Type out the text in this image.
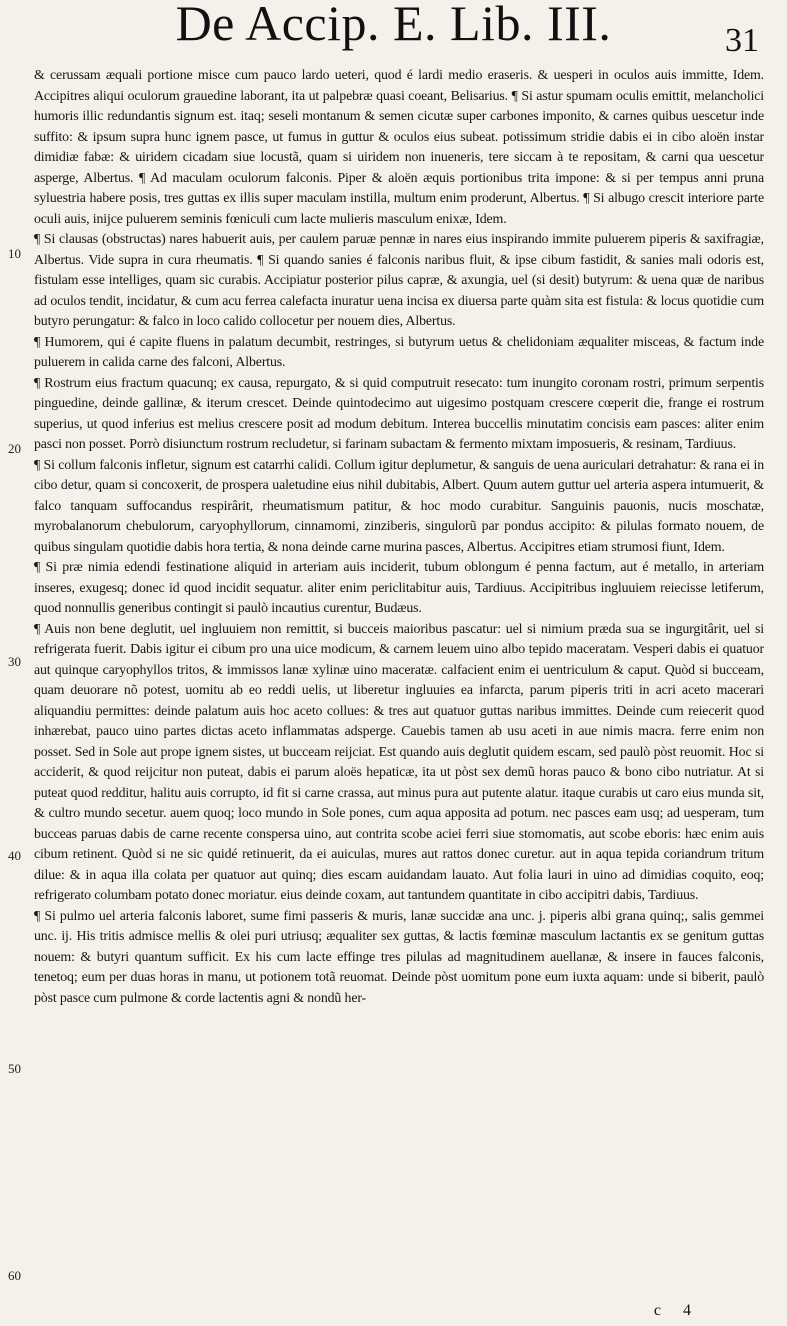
De Accip. E. Lib. III.	31
10
20
30
40
50
60

& cerussam æquali portione misce cum pauco lardo ueteri, quod é lardi medio eraseris. & uesperi in oculos auis immitte, Idem. Accipitres aliqui oculorum grauedine laborant, ita ut palpebræ quasi coeant, Belisarius. ¶ Si astur spumam oculis emittit, melancholici humoris illic redundantis signum est. itaq; seseli montanum & semen cicutæ super carbones imponito, & carnes quibus uescetur inde suffito: & ipsum supra hunc ignem pasce, ut fumus in guttur & oculos eius subeat. potissimum stridie dabis ei in cibo aloën instar dimidiæ fabæ: & uiridem cicadam siue locustã, quam si uiridem non inueneris, tere siccam à te repositam, & carni qua uescetur asperge, Albertus. ¶ Ad maculam oculorum falconis. Piper & aloën æquis portionibus trita impone: & si per tempus anni pruna syluestria habere posis, tres guttas ex illis super maculam instilla, multum enim proderunt, Albertus. ¶ Si albugo crescit interiore parte oculi auis, inijce puluerem seminis fœniculi cum lacte mulieris masculum enixæ, Idem.

¶ Si clausas (obstructas) nares habuerit auis, per caulem paruæ pennæ in nares eius inspirando immite puluerem piperis & saxifragiæ, Albertus. Vide supra in cura rheumatis. ¶ Si quando sanies é falconis naribus fluit, & ipse cibum fastidit, & sanies mali odoris est, fistulam esse intelliges, quam sic curabis. Accipiatur posterior pilus capræ, & axungia, uel (si desit) butyrum: & uena quæ de naribus ad oculos tendit, incidatur, & cum acu ferrea calefacta inuratur uena incisa ex diuersa parte quàm sita est fistula: & locus quotidie cum butyro perungatur: & falco in loco calido collocetur per nouem dies, Albertus.

¶ Humorem, qui é capite fluens in palatum decumbit, restringes, si butyrum uetus & chelidoniam æqualiter misceas, & factum inde puluerem in calida carne des falconi, Albertus.

¶ Rostrum eius fractum quacunq; ex causa, repurgato, & si quid computruit resecato: tum inungito coronam rostri, primum serpentis pinguedine, deinde gallinæ, & iterum crescet. Deinde quintodecimo aut uigesimo postquam crescere cœperit die, frange ei rostrum superius, ut quod inferius est melius crescere posit ad modum debitum. Interea buccellis minutatim concisis eam pasces: aliter enim pasci non posset. Porrò disiunctum rostrum recludetur, si farinam subactam & fermento mixtam imposueris, & resinam, Tardiuus.

¶ Si collum falconis infletur, signum est catarrhi calidi. Collum igitur deplumetur, & sanguis de uena auriculari detrahatur: & rana ei in cibo detur, quam si concoxerit, de prospera ualetudine eius nihil dubitabis, Albert. Quum autem guttur uel arteria aspera intumuerit, & falco tanquam suffocandus respirârit, rheumatismum patitur, & hoc modo curabitur. Sanguinis pauonis, nucis moschatæ, myrobalanorum chebulorum, caryophyllorum, cinnamomi, zinziberis, singulorũ par pondus accipito: & pilulas formato nouem, de quibus singulam quotidie dabis hora tertia, & nona deinde carne murina pasces, Albertus. Accipitres etiam strumosi fiunt, Idem.

¶ Si præ nimia edendi festinatione aliquid in arteriam auis inciderit, tubum oblongum é penna factum, aut é metallo, in arteriam inseres, exugesq; donec id quod incidit sequatur. aliter enim periclitabitur auis, Tardiuus. Accipitribus ingluuiem reiecisse letiferum, quod nonnullis generibus contingit si paulò incautius curentur, Budæus.

¶ Auis non bene deglutit, uel ingluuiem non remittit, si bucceis maioribus pascatur: uel si nimium præda sua se ingurgitârit, uel si refrigerata fuerit. Dabis igitur ei cibum pro una uice modicum, & carnem leuem uino albo tepido maceratam. Vesperi dabis ei quatuor aut quinque caryophyllos tritos, & immissos lanæ xylinæ uino maceratæ. calfacient enim ei uentriculum & caput. Quòd si bucceam, quam deuorare nõ potest, uomitu ab eo reddi uelis, ut liberetur ingluuies ea infarcta, parum piperis triti in acri aceto macerari aliquandiu permittes: deinde palatum auis hoc aceto collues: & tres aut quatuor guttas naribus immittes. Deinde cum reiecerit quod inhærebat, pauco uino partes dictas aceto inflammatas adsperge. Cauebis tamen ab usu aceti in aue nimis macra. ferre enim non posset. Sed in Sole aut prope ignem sistes, ut bucceam reijciat. Est quando auis deglutit quidem escam, sed paulò pòst reuomit. Hoc si acciderit, & quod reijcitur non puteat, dabis ei parum aloës hepaticæ, ita ut pòst sex demũ horas pauco & bono cibo nutriatur. At si puteat quod redditur, halitu auis corrupto, id fit si carne crassa, aut minus pura aut putente alatur. itaque curabis ut caro eius munda sit, & cultro mundo secetur. auem quoq; loco mundo in Sole pones, cum aqua apposita ad potum. nec pasces eam usq; ad uesperam, tum bucceas paruas dabis de carne recente conspersa uino, aut contrita scobe aciei ferri siue stomomatis, aut scobe eboris: hæc enim auis cibum retinent. Quòd si ne sic quidé retinuerit, da ei auiculas, mures aut rattos donec curetur. aut in aqua tepida coriandrum tritum dilue: & in aqua illa colata per quatuor aut quinq; dies escam auidandam lauato. Aut folia lauri in uino ad dimidias coquito, eoq; refrigerato columbam potato donec moriatur. eius deinde coxam, aut tantundem quantitate in cibo accipitri dabis, Tardiuus.

¶ Si pulmo uel arteria falconis laboret, sume fimi passeris & muris, lanæ succidæ ana unc. j. piperis albi grana quinq;, salis gemmei unc. ij. His tritis admisce mellis & olei puri utriusq; æqualiter sex guttas, & lactis fœminæ masculum lactantis ex se genitum guttas nouem: & butyri quantum sufficit. Ex his cum lacte effinge tres pilulas ad magnitudinem auellanæ, & insere in fauces falconis, tenetoq; eum per duas horas in manu, ut potionem totã reuomat. Deinde pòst uomitum pone eum iuxta aquam: unde si biberit, paulò pòst pasce cum pulmone & corde lactentis agni & nondũ her-

c 4
